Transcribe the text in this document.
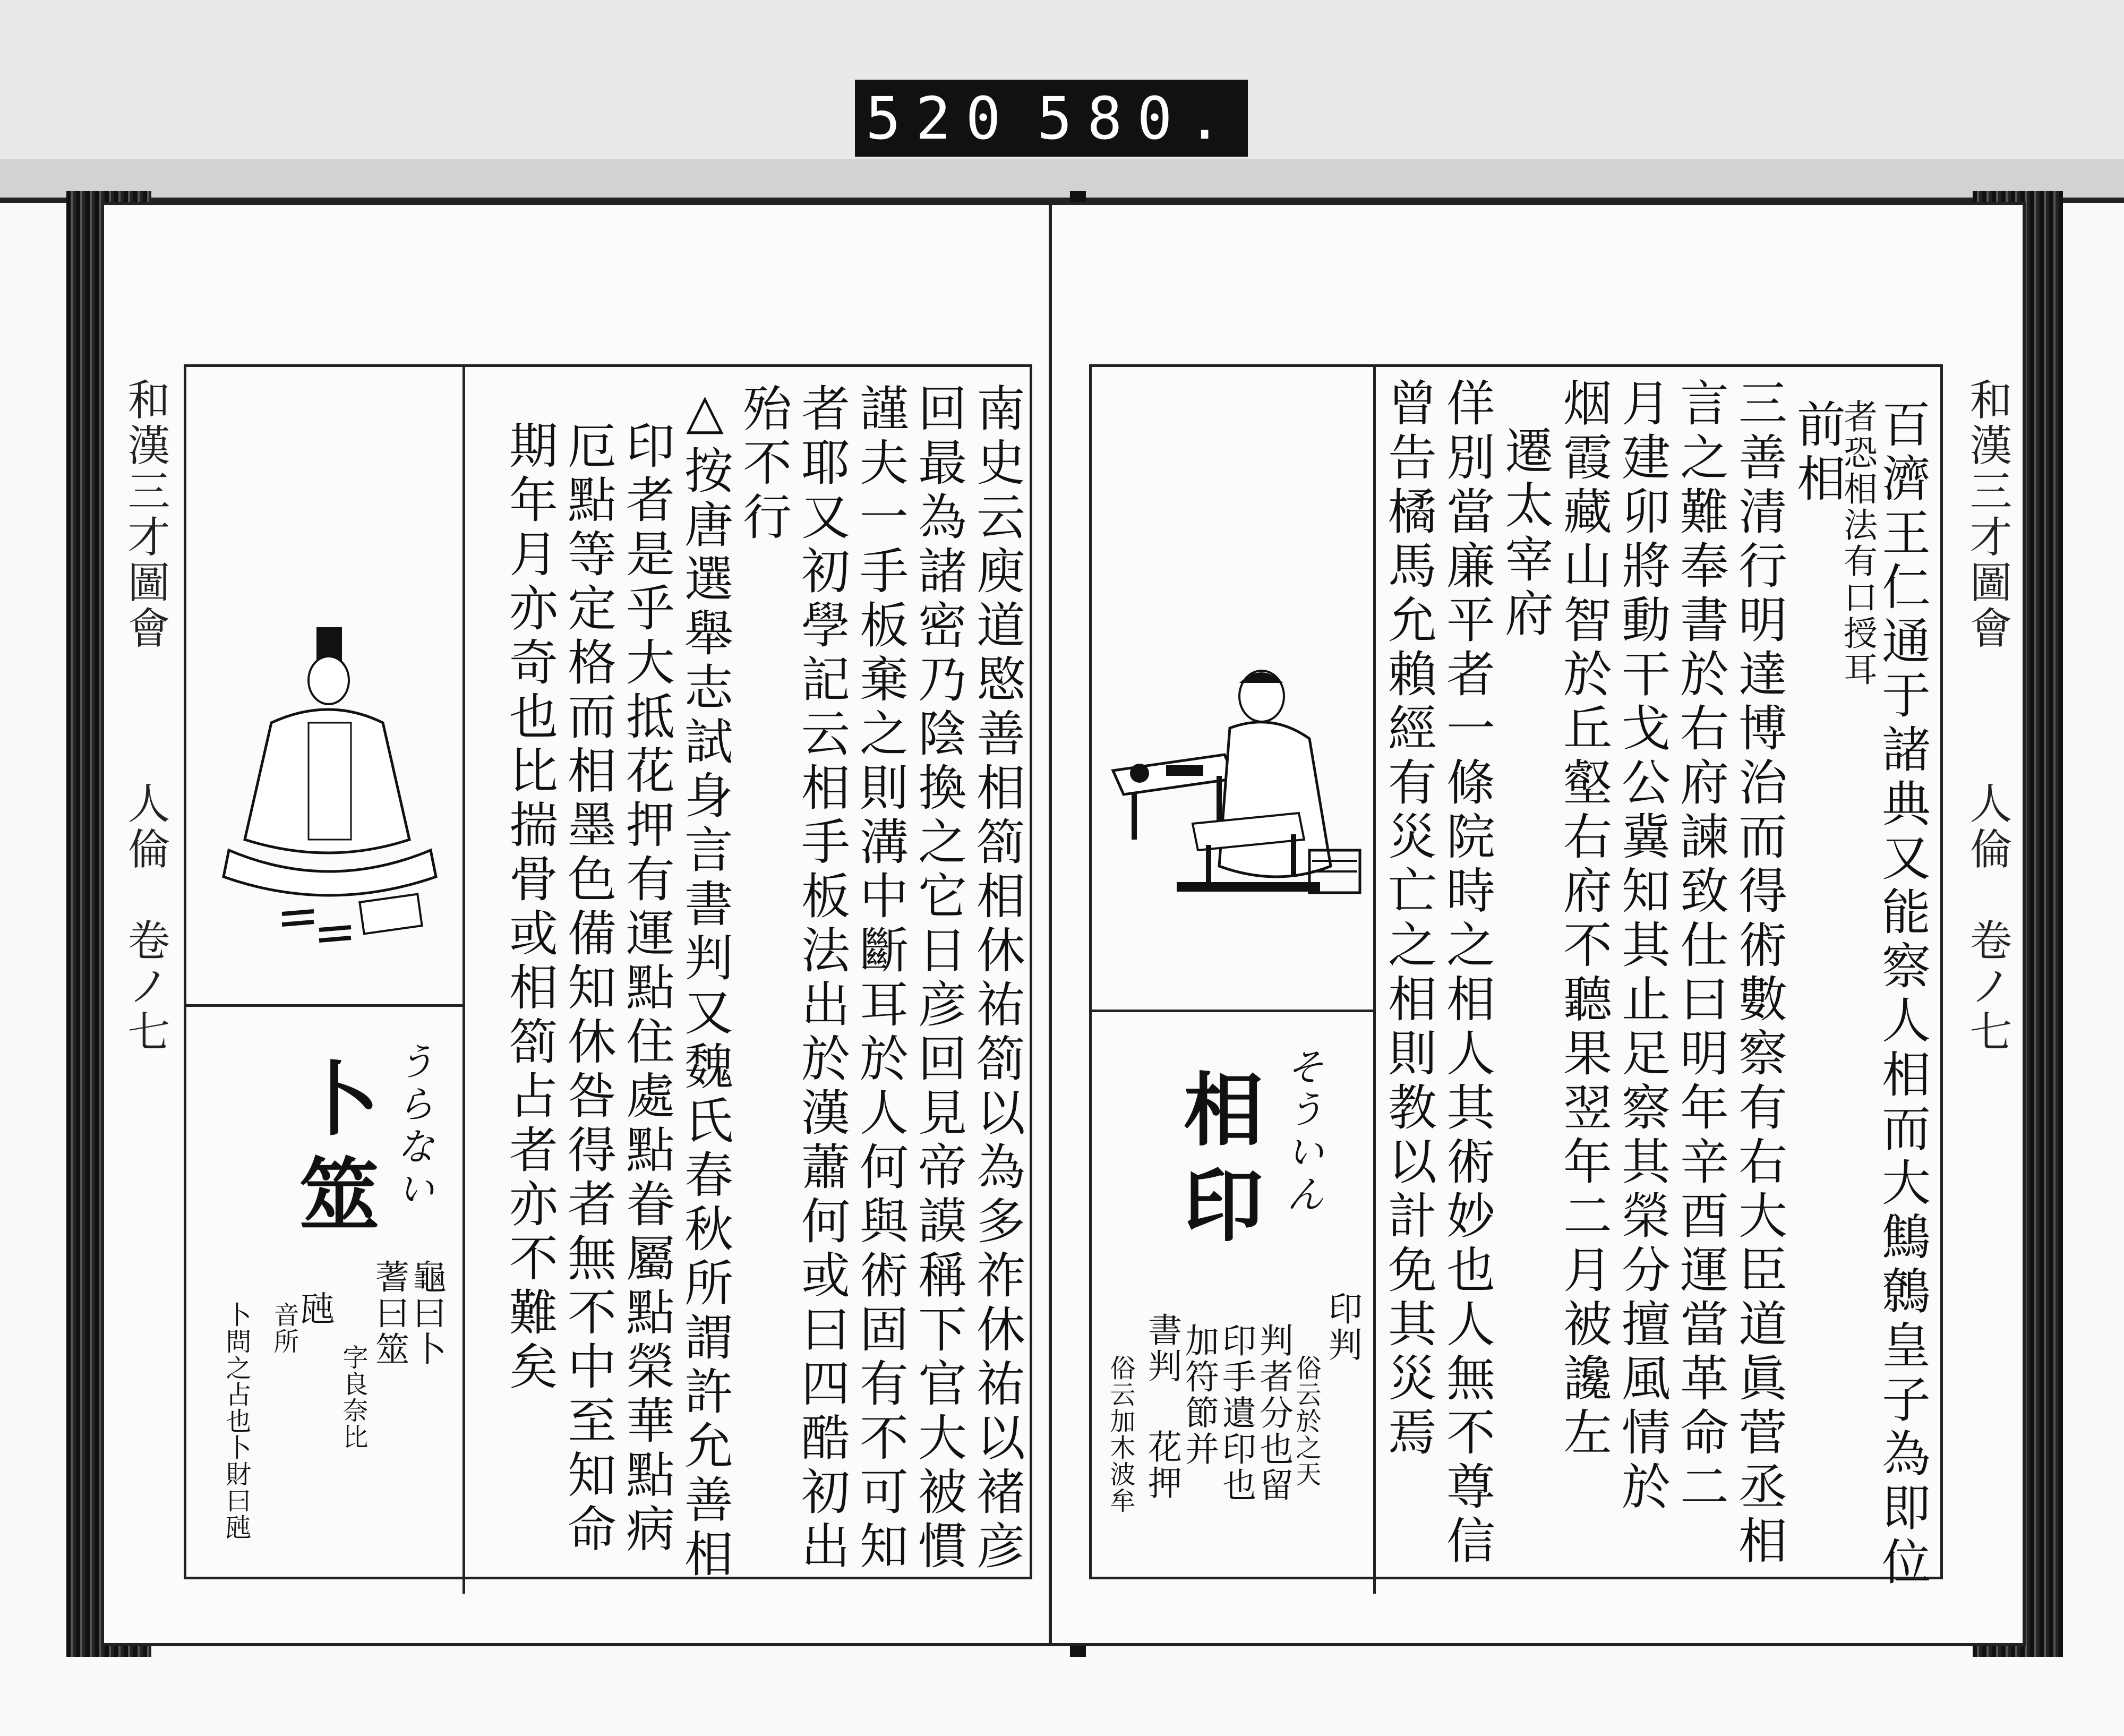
520 580.
和漢三才圖會
人倫　卷ノ七
卜筮 うらない
龜曰卜
蓍曰筮
字良奈比
瓲
音所
卜問之占也卜財曰瓲	南史云庾道愍善相箚相休祐箚以為多祚休祐以褚彦
回最為諸密乃陰換之它日彦回見帝謨稱下官大被慣
謹夫一手板棄之則溝中斷耳於人何與術固有不可知
者耶又初學記云相手板法出於漢蕭何或曰四酷初出
殆不行
△按唐選舉志試身言書判又魏氏春秋所謂許允善相
印者是乎大抵花押有運點住處點眷屬點榮華點病
厄點等定格而相墨色備知休咎得者無不中至知命
期年月亦奇也比揣骨或相箚占者亦不難矣	和漢三才圖會
人倫　卷ノ七
百濟王仁通于諸典又能察人相而大鷦鷯皇子為即位
者恐相法有口授耳
前相
三善清行明達博治而得術數察有右大臣道眞菅丞相
言之難奉書於右府諫致仕曰明年辛酉運當革命二
月建卯將動干戈公冀知其止足察其榮分擅風情於
烟霞藏山智於丘壑右府不聽果翌年二月被讒左
遷太宰府
佯別當廉平者一條院時之相人其術妙也人無不尊信
曾告橘馬允賴經有災亡之相則教以計免其災焉
相印 そういん
印判
俗云於之天
判者分也留
印手遺印也
加符節并
書判
花押
俗云加木波牟
